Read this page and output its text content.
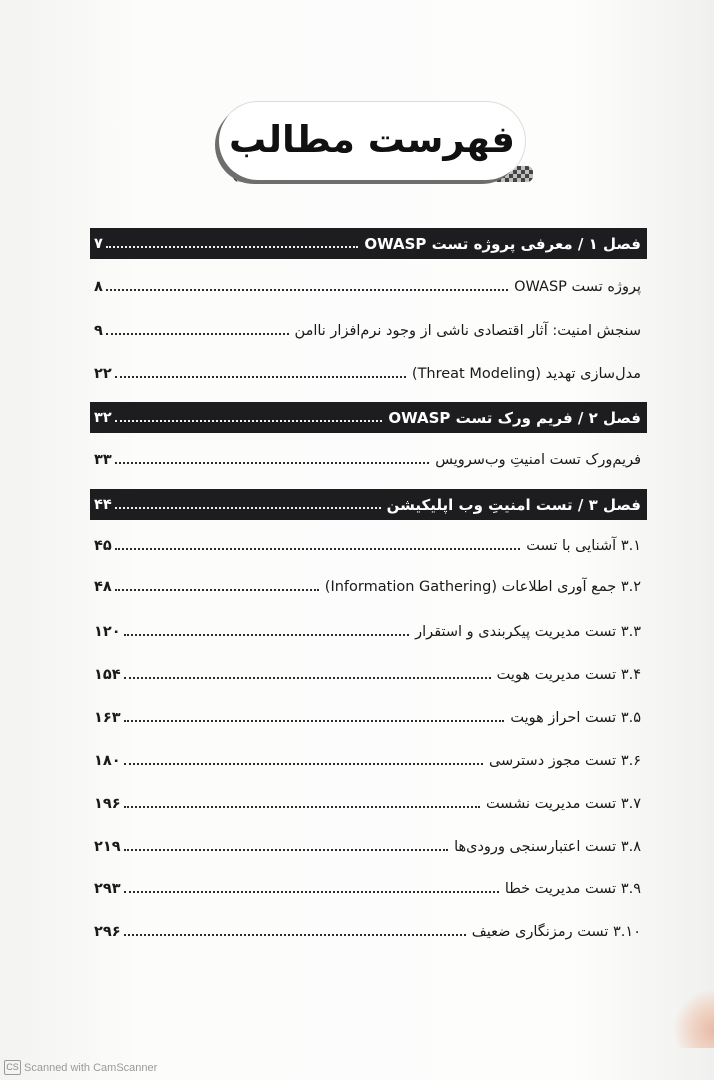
فهرست مطالب
فصل ۱ / معرفی پروژه تست OWASP
۷
پروژه تست OWASP
۸
سنجش امنیت: آثار اقتصادی ناشی از وجود نرم‌افزار ناامن
۹
مدل‌سازی تهدید (Threat Modeling)
۲۲
فصل ۲ / فریم ورک تست OWASP
۳۲
فریم‌ورک تست امنیتِ وب‌سرویس
۳۳
فصل ۳ / تست امنیتِ وب اپلیکیشن
۴۴
۳.۱ آشنایی با تست
۴۵
۳.۲ جمع آوری اطلاعات (Information Gathering)
۴۸
۳.۳ تست مدیریت پیکربندی و استقرار
۱۲۰
۳.۴ تست مدیریت هویت
۱۵۴
۳.۵ تست احراز هویت
۱۶۳
۳.۶ تست مجوز دسترسی
۱۸۰
۳.۷ تست مدیریت نشست
۱۹۶
۳.۸ تست اعتبارسنجی ورودی‌ها
۲۱۹
۳.۹ تست مدیریت خطا
۲۹۳
۳.۱۰ تست رمزنگاری ضعیف
۲۹۶
CS Scanned with CamScanner
